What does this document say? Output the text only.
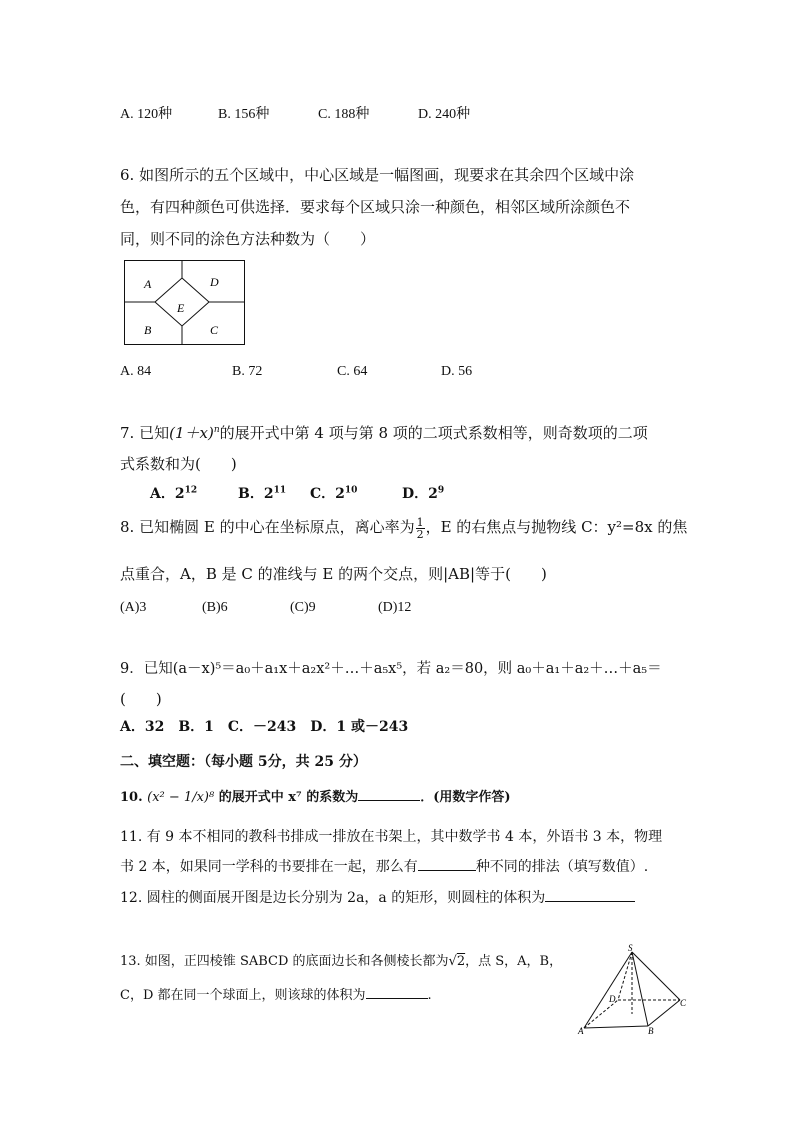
A. 120种	B. 156种	C. 188种	D. 240种
6. 如图所示的五个区域中，中心区域是一幅图画，现要求在其余四个区域中涂
色，有四种颜色可供选择．要求每个区域只涂一种颜色，相邻区域所涂颜色不
同，则不同的涂色方法种数为（　　）
A	D
E
B	C
A. 84	B. 72	C. 64	D. 56
7. 已知$(1+x)^n$的展开式中第 4 项与第 8 项的二项式系数相等，则奇数项的二项
式系数和为(　　)
A．$2^{12}$	B．$2^{11}$ C．$2^{10}$	D．$2^9$
8. 已知椭圆 E 的中心在坐标原点，离心率为 $\frac{1}{2}$ ，E 的右焦点与抛物线 C：y²=8x 的焦
点重合，A，B 是 C 的准线与 E 的两个交点，则|AB|等于(　　)
(A)3	(B)6	(C)9	(D)12
9．已知(a－x)⁵＝a₀＋a₁x＋a₂x²＋…＋a₅x⁵，若 a₂＝80，则 a₀＋a₁＋a₂＋…＋a₅＝
(　　)
A．32　B．1　C．－243　D．1 或－243
二、填空题：（每小题 5分，共 25 分）
10. (x² − 1/x)⁸ 的展开式中 x⁷ 的系数为	．(用数字作答)
11. 有 9 本不相同的教科书排成一排放在书架上，其中数学书 4 本，外语书 3 本，物理
书 2 本，如果同一学科的书要排在一起，那么有	种不同的排法（填写数值）.
12. 圆柱的侧面展开图是边长分别为 2a，a 的矩形，则圆柱的体积为
13. 如图，正四棱锥 SABCD 的底面边长和各侧棱长都为√2，点 S，A，B，
C，D 都在同一个球面上，则该球的体积为	.
S
D	C
A	B
